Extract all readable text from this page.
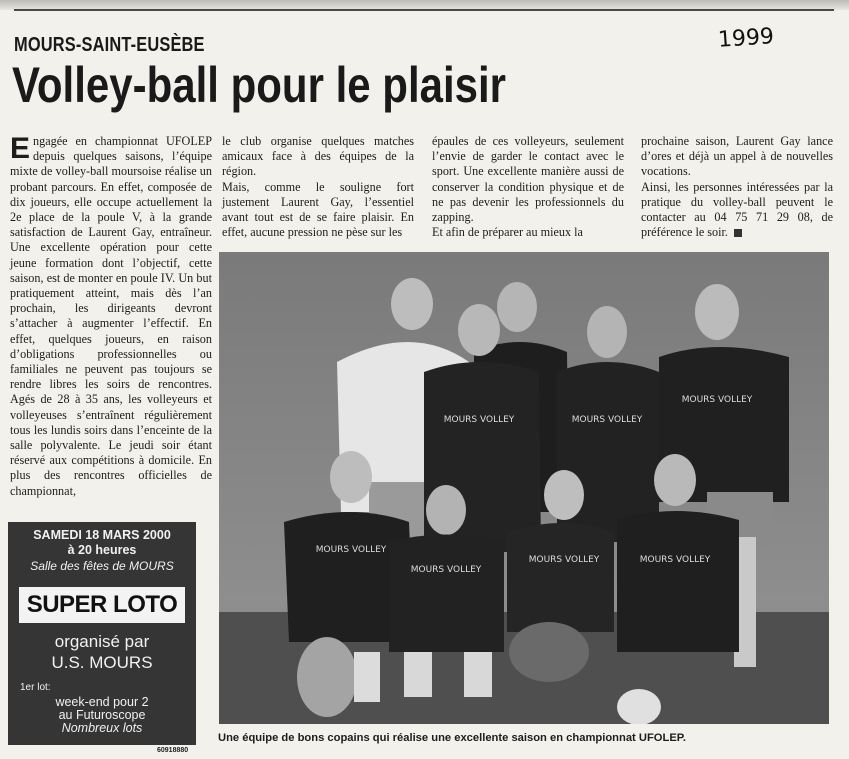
MOURS-SAINT-EUSÈBE
Volley-ball pour le plaisir
1999

Engagée en championnat UFOLEP depuis quelques saisons, l’équipe mixte de volley-ball moursoise réalise un probant parcours. En effet, composée de dix joueurs, elle occupe actuellement la 2e place de la poule V, à la grande satisfaction de Laurent Gay, entraîneur. Une excellente opération pour cette jeune formation dont l’objectif, cette saison, est de monter en poule IV. Un but pratiquement atteint, mais dès l’an prochain, les dirigeants devront s’attacher à augmenter l’effectif. En effet, quelques joueurs, en raison d’obligations professionnelles ou familiales ne peuvent pas toujours se rendre libres les soirs de rencontres. Agés de 28 à 35 ans, les volleyeurs et volleyeuses s’entraînent régulièrement tous les lundis soirs dans l’enceinte de la salle polyvalente. Le jeudi soir étant réservé aux compétitions à domicile. En plus des rencontres officielles de championnat,

le club organise quelques matches amicaux face à des équipes de la région.

Mais, comme le souligne fort justement Laurent Gay, l’essentiel avant tout est de se faire plaisir. En effet, aucune pression ne pèse sur les

épaules de ces volleyeurs, seulement l’envie de garder le contact avec le sport. Une excellente manière aussi de conserver la condition physique et de ne pas devenir les professionnels du zapping.

Et afin de préparer au mieux la

prochaine saison, Laurent Gay lance d’ores et déjà un appel à de nouvelles vocations.

Ainsi, les personnes intéressées par la pratique du volley-ball peuvent le contacter au 04 75 71 29 08, de préférence le soir.

SAMEDI 18 MARS 2000
à 20 heures
Salle des fêtes de MOURS
SUPER LOTO
organisé par
U.S. MOURS
1er lot:
week-end pour 2
au Futuroscope
Nombreux lots
60918880
MOURS VOLLEY	MOURS VOLLEY
MOURS VOLLEY
MOURS VOLLEY
MOURS VOLLEY
MOURS VOLLEY	MOURS VOLLEY
Une équipe de bons copains qui réalise une excellente saison en championnat UFOLEP.
